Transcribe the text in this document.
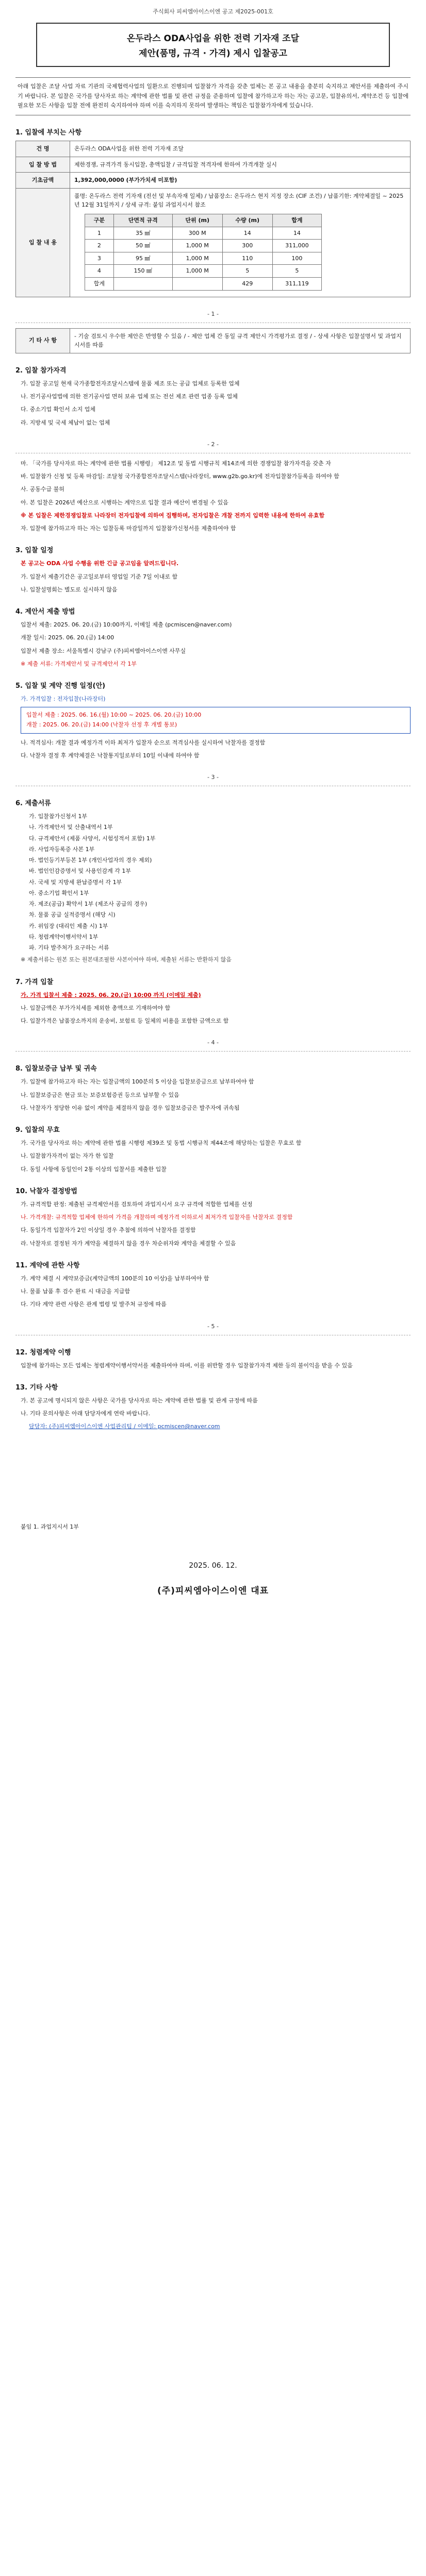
주식회사 피씨엠아이스이엔 공고 제2025-001호
온두라스 ODA사업을 위한 전력 기자재 조달
제안(품명, 규격 · 가격) 제시 입찰공고
아래 입찰은 조달 사업 자료 기관의 국제협력사업의 일환으로 진행되며 입찰참가 자격을 갖춘 업체는 본 공고 내용을 충분히 숙지하고 제안서를 제출하여 주시기 바랍니다. 본 입찰은 국가를 당사자로 하는 계약에 관한 법률 및 관련 규정을 준용하며 입찰에 참가하고자 하는 자는 공고문, 입찰유의서, 계약조건 등 입찰에 필요한 모든 사항을 입찰 전에 완전히 숙지하여야 하며 이를 숙지하지 못하여 발생하는 책임은 입찰참가자에게 있습니다.
1. 입찰에 부치는 사항
건 명	온두라스 ODA사업을 위한 전력 기자재 조달
입 찰 방 법	제한경쟁, 규격가격 동시입찰, 총액입찰 / 규격입찰 적격자에 한하여 가격개찰 실시
기초금액	1,392,000,0000 (부가가치세 미포함)
입 찰 내 용	
품명: 온두라스 전력 기자재 (전선 및 부속자재 일체) / 납품장소: 온두라스 현지 지정 장소 (CIF 조건) / 납품기한: 계약체결일 ~ 2025년 12월 31일까지 / 상세 규격: 붙임 과업지시서 참조
구분	단면적 규격	단위 (m)	수량 (m)	합계
1	35 ㎟	300 M	14	14
2	50 ㎟	1,000 M	300	311,000
3	95 ㎟	1,000 M	110	100
4	150 ㎟	1,000 M	5	5
합계			429	311,119
- 1 -
기 타 사 항	- 기술 검토시 우수한 제안은 반영할 수 있음 / - 제안 업체 간 동일 규격 제안시 가격평가로 결정 / - 상세 사항은 입찰설명서 및 과업지시서를 따름
2. 입찰 참가자격
가. 입찰 공고일 현재 국가종합전자조달시스템에 물품 제조 또는 공급 업체로 등록한 업체
나. 전기공사업법에 의한 전기공사업 면허 보유 업체 또는 전선 제조 관련 업종 등록 업체
다. 중소기업 확인서 소지 업체
라. 지방세 및 국세 체납이 없는 업체
- 2 -
마. 「국가를 당사자로 하는 계약에 관한 법률 시행령」 제12조 및 동법 시행규칙 제14조에 의한 경쟁입찰 참가자격을 갖춘 자
바. 입찰참가 신청 및 등록 마감일: 조달청 국가종합전자조달시스템(나라장터, www.g2b.go.kr)에 전자입찰참가등록을 하여야 함
사. 공동수급 불허
아. 본 입찰은 2026년 예산으로 시행하는 계약으로 입찰 결과 예산이 변경될 수 있음
※ 본 입찰은 제한경쟁입찰로 나라장터 전자입찰에 의하여 집행하며, 전자입찰은 개찰 전까지 입력한 내용에 한하여 유효함
자. 입찰에 참가하고자 하는 자는 입찰등록 마감일까지 입찰참가신청서를 제출하여야 함
3. 입찰 일정
본 공고는 ODA 사업 수행을 위한 긴급 공고임을 알려드립니다.
가. 입찰서 제출기간은 공고일로부터 영업일 기준 7일 이내로 함
나. 입찰설명회는 별도로 실시하지 않음
4. 제안서 제출 방법
입찰서 제출: 2025. 06. 20.(금) 10:00까지, 이메일 제출 (pcmiscen@naver.com)
개찰 일시: 2025. 06. 20.(금) 14:00
입찰서 제출 장소: 서울특별시 강남구 (주)피씨엠아이스이엔 사무실
※ 제출 서류: 가격제안서 및 규격제안서 각 1부
5. 입찰 및 계약 진행 일정(안)
가. 가격입찰 : 전자입찰(나라장터)
입찰서 제출 : 2025. 06. 16.(월) 10:00 ~ 2025. 06. 20.(금) 10:00
개찰 : 2025. 06. 20.(금) 14:00 (낙찰자 선정 후 개별 통보)
나. 적격심사: 개찰 결과 예정가격 이하 최저가 입찰자 순으로 적격심사를 실시하여 낙찰자를 결정함
다. 낙찰자 결정 후 계약체결은 낙찰통지일로부터 10일 이내에 하여야 함
- 3 -
6. 제출서류
가. 입찰참가신청서 1부
나. 가격제안서 및 산출내역서 1부
다. 규격제안서 (제품 사양서, 시험성적서 포함) 1부
라. 사업자등록증 사본 1부
마. 법인등기부등본 1부 (개인사업자의 경우 제외)
바. 법인인감증명서 및 사용인감계 각 1부
사. 국세 및 지방세 완납증명서 각 1부
아. 중소기업 확인서 1부
자. 제조(공급) 확약서 1부 (제조사 공급의 경우)
차. 물품 공급 실적증명서 (해당 시)
카. 위임장 (대리인 제출 시) 1부
타. 청렴계약이행서약서 1부
파. 기타 발주처가 요구하는 서류
※ 제출서류는 원본 또는 원본대조필한 사본이어야 하며, 제출된 서류는 반환하지 않음
7. 가격 입찰
가. 가격 입찰서 제출 : 2025. 06. 20.(금) 10:00 까지 (이메일 제출)
나. 입찰금액은 부가가치세를 제외한 총액으로 기재하여야 함
다. 입찰가격은 납품장소까지의 운송비, 보험료 등 일체의 비용을 포함한 금액으로 함
- 4 -
8. 입찰보증금 납부 및 귀속
가. 입찰에 참가하고자 하는 자는 입찰금액의 100분의 5 이상을 입찰보증금으로 납부하여야 함
나. 입찰보증금은 현금 또는 보증보험증권 등으로 납부할 수 있음
다. 낙찰자가 정당한 이유 없이 계약을 체결하지 않을 경우 입찰보증금은 발주자에 귀속됨
9. 입찰의 무효
가. 국가를 당사자로 하는 계약에 관한 법률 시행령 제39조 및 동법 시행규칙 제44조에 해당하는 입찰은 무효로 함
나. 입찰참가자격이 없는 자가 한 입찰
다. 동일 사항에 동일인이 2통 이상의 입찰서를 제출한 입찰
10. 낙찰자 결정방법
가. 규격적합 판정: 제출된 규격제안서를 검토하여 과업지시서 요구 규격에 적합한 업체를 선정
나. 가격개찰: 규격적합 업체에 한하여 가격을 개찰하며 예정가격 이하로서 최저가격 입찰자를 낙찰자로 결정함
다. 동일가격 입찰자가 2인 이상일 경우 추첨에 의하여 낙찰자를 결정함
라. 낙찰자로 결정된 자가 계약을 체결하지 않을 경우 차순위자와 계약을 체결할 수 있음
11. 계약에 관한 사항
가. 계약 체결 시 계약보증금(계약금액의 100분의 10 이상)을 납부하여야 함
나. 물품 납품 후 검수 완료 시 대금을 지급함
다. 기타 계약 관련 사항은 관계 법령 및 발주처 규정에 따름
- 5 -
12. 청렴계약 이행
입찰에 참가하는 모든 업체는 청렴계약이행서약서를 제출하여야 하며, 이를 위반할 경우 입찰참가자격 제한 등의 불이익을 받을 수 있음
13. 기타 사항
가. 본 공고에 명시되지 않은 사항은 국가를 당사자로 하는 계약에 관한 법률 및 관계 규정에 따름
나. 기타 문의사항은 아래 담당자에게 연락 바랍니다.
담당자: (주)피씨엠아이스이엔 사업관리팀 / 이메일: pcmiscen@naver.com
붙임 1. 과업지시서 1부
2025. 06. 12.
(주)피씨엠아이스이엔 대표
